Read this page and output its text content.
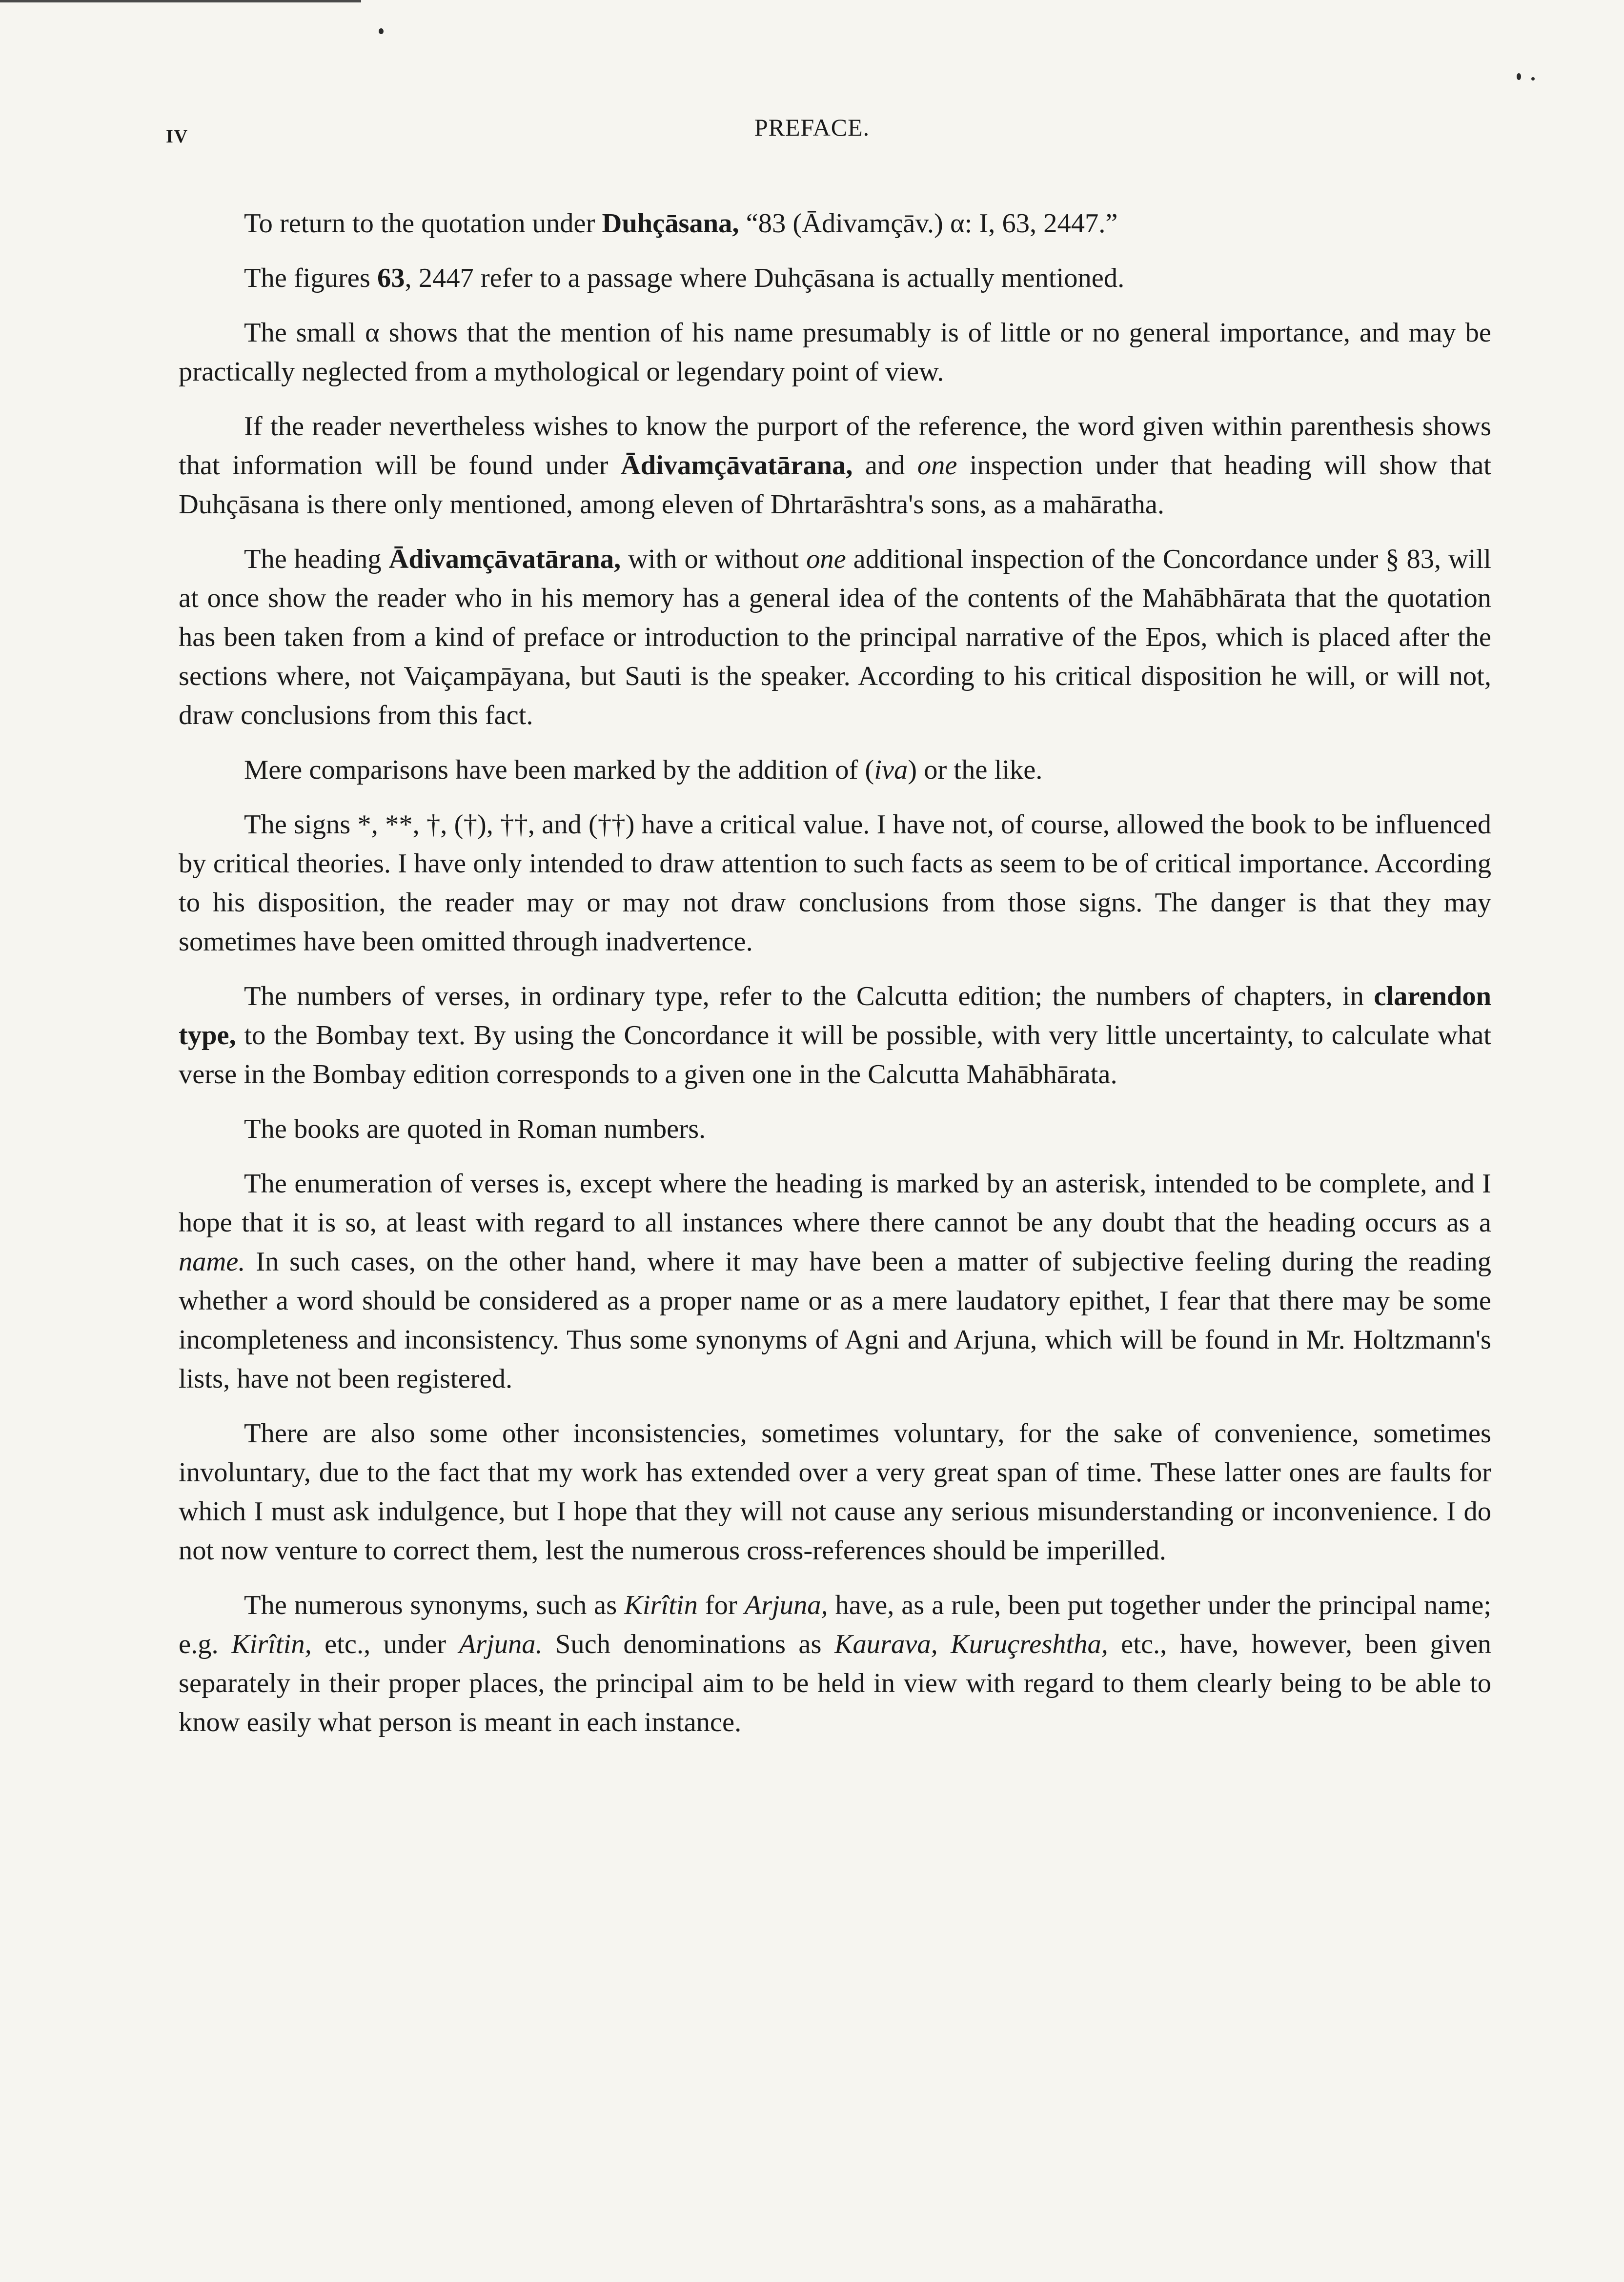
IV	PREFACE.

To return to the quotation under Duhçāsana, “83 (Ādivamçāv.) α: I, 63, 2447.”

The figures 63, 2447 refer to a passage where Duhçāsana is actually mentioned.

The small α shows that the mention of his name presumably is of little or no general importance, and may be practically neglected from a mythological or legendary point of view.

If the reader nevertheless wishes to know the purport of the reference, the word given within parenthesis shows that information will be found under Ādivamçāvatārana, and one inspection under that heading will show that Duhçāsana is there only mentioned, among eleven of Dhrtarāshtra's sons, as a mahāratha.

The heading Ādivamçāvatārana, with or without one additional inspection of the Concordance under § 83, will at once show the reader who in his memory has a general idea of the contents of the Mahābhārata that the quotation has been taken from a kind of preface or introduction to the principal narrative of the Epos, which is placed after the sections where, not Vaiçampāyana, but Sauti is the speaker. According to his critical disposition he will, or will not, draw conclusions from this fact.

Mere comparisons have been marked by the addition of (iva) or the like.

The signs *, **, †, (†), ††, and (††) have a critical value. I have not, of course, allowed the book to be influenced by critical theories. I have only intended to draw attention to such facts as seem to be of critical importance. According to his disposition, the reader may or may not draw conclusions from those signs. The danger is that they may sometimes have been omitted through inadvertence.

The numbers of verses, in ordinary type, refer to the Calcutta edition; the numbers of chapters, in clarendon type, to the Bombay text. By using the Concordance it will be possible, with very little uncertainty, to calculate what verse in the Bombay edition corresponds to a given one in the Calcutta Mahābhārata.

The books are quoted in Roman numbers.

The enumeration of verses is, except where the heading is marked by an asterisk, intended to be complete, and I hope that it is so, at least with regard to all instances where there cannot be any doubt that the heading occurs as a name. In such cases, on the other hand, where it may have been a matter of subjective feeling during the reading whether a word should be considered as a proper name or as a mere laudatory epithet, I fear that there may be some incompleteness and inconsistency. Thus some synonyms of Agni and Arjuna, which will be found in Mr. Holtzmann's lists, have not been registered.

There are also some other inconsistencies, sometimes voluntary, for the sake of convenience, sometimes involuntary, due to the fact that my work has extended over a very great span of time. These latter ones are faults for which I must ask indulgence, but I hope that they will not cause any serious misunderstanding or inconvenience. I do not now venture to correct them, lest the numerous cross-references should be imperilled.

The numerous synonyms, such as Kirîtin for Arjuna, have, as a rule, been put together under the principal name; e.g. Kirîtin, etc., under Arjuna. Such denominations as Kaurava, Kuruçreshtha, etc., have, however, been given separately in their proper places, the principal aim to be held in view with regard to them clearly being to be able to know easily what person is meant in each instance.
